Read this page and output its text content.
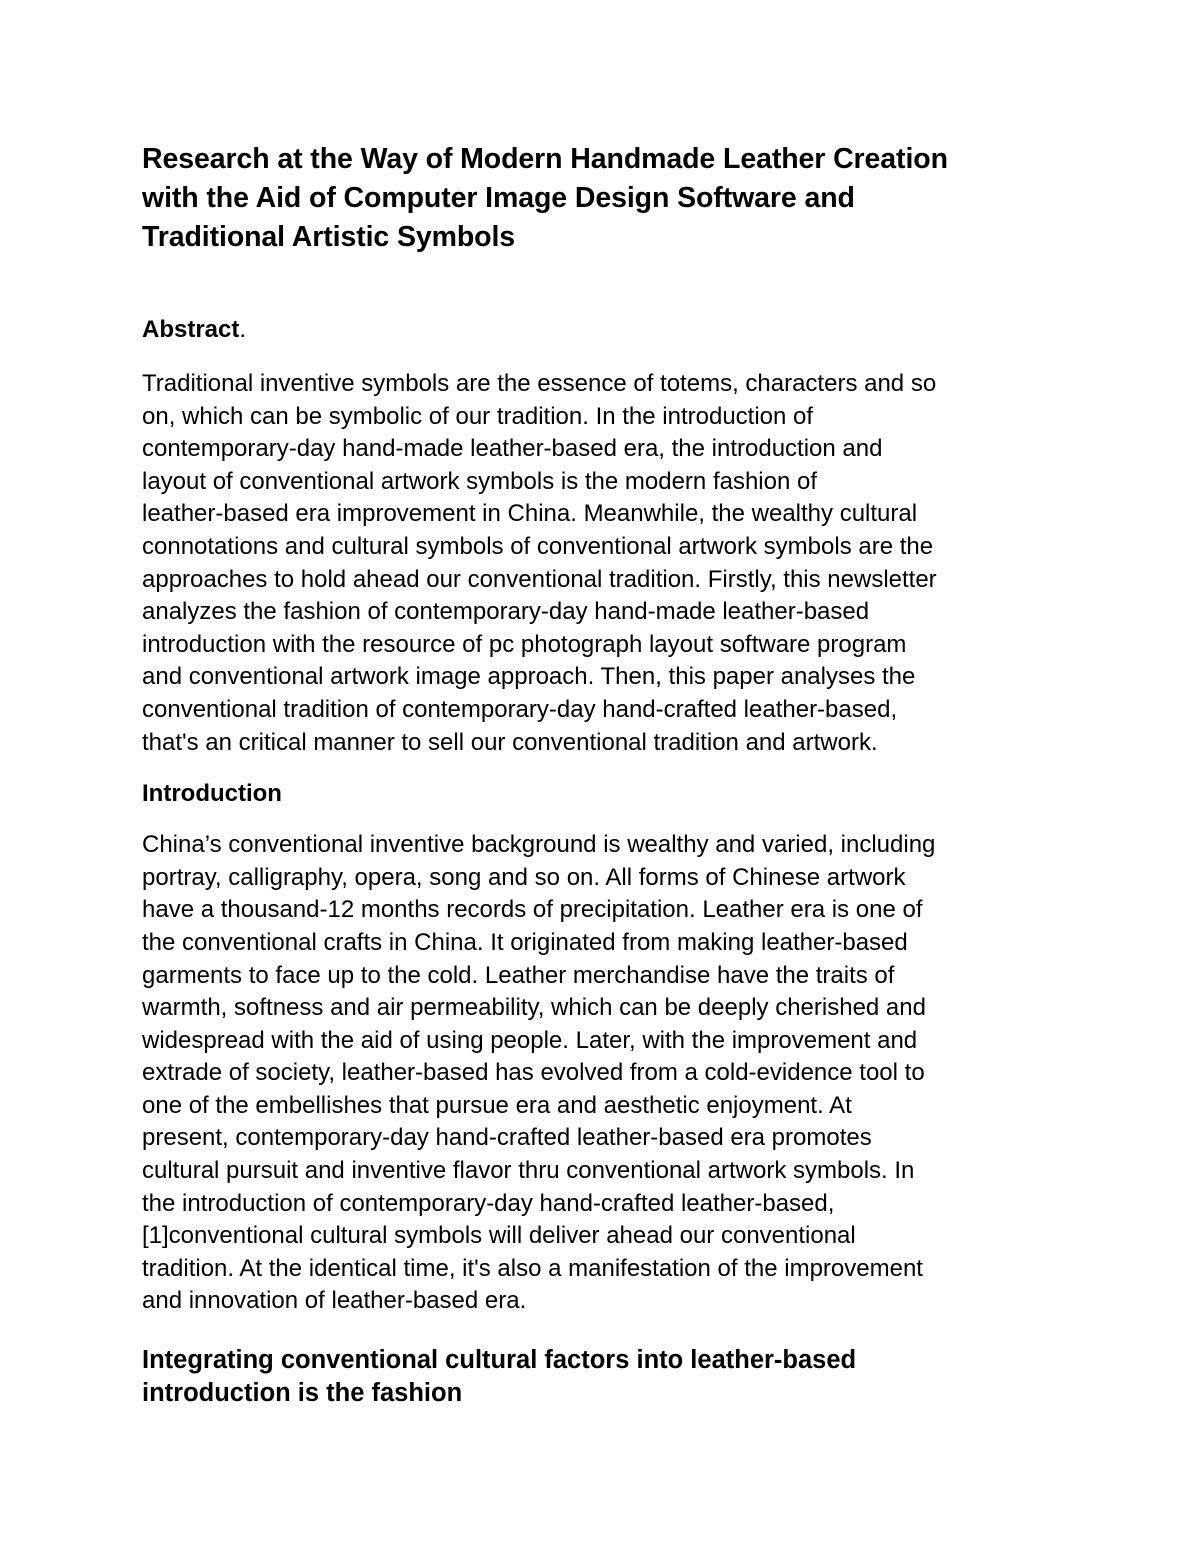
Research at the Way of Modern Handmade Leather Creation
with the Aid of Computer Image Design Software and
Traditional Artistic Symbols
Abstract.

Traditional inventive symbols are the essence of totems, characters and so
on, which can be symbolic of our tradition. In the introduction of
contemporary-day hand-made leather-based era, the introduction and
layout of conventional artwork symbols is the modern fashion of
leather-based era improvement in China. Meanwhile, the wealthy cultural
connotations and cultural symbols of conventional artwork symbols are the
approaches to hold ahead our conventional tradition. Firstly, this newsletter
analyzes the fashion of contemporary-day hand-made leather-based
introduction with the resource of pc photograph layout software program
and conventional artwork image approach. Then, this paper analyses the
conventional tradition of contemporary-day hand-crafted leather-based,
that's an critical manner to sell our conventional tradition and artwork.

Introduction

China’s conventional inventive background is wealthy and varied, including
portray, calligraphy, opera, song and so on. All forms of Chinese artwork
have a thousand-12 months records of precipitation. Leather era is one of
the conventional crafts in China. It originated from making leather-based
garments to face up to the cold. Leather merchandise have the traits of
warmth, softness and air permeability, which can be deeply cherished and
widespread with the aid of using people. Later, with the improvement and
extrade of society, leather-based has evolved from a cold-evidence tool to
one of the embellishes that pursue era and aesthetic enjoyment. At
present, contemporary-day hand-crafted leather-based era promotes
cultural pursuit and inventive flavor thru conventional artwork symbols. In
the introduction of contemporary-day hand-crafted leather-based,
[1]conventional cultural symbols will deliver ahead our conventional
tradition. At the identical time, it's also a manifestation of the improvement
and innovation of leather-based era.

Integrating conventional cultural factors into leather-based
introduction is the fashion
